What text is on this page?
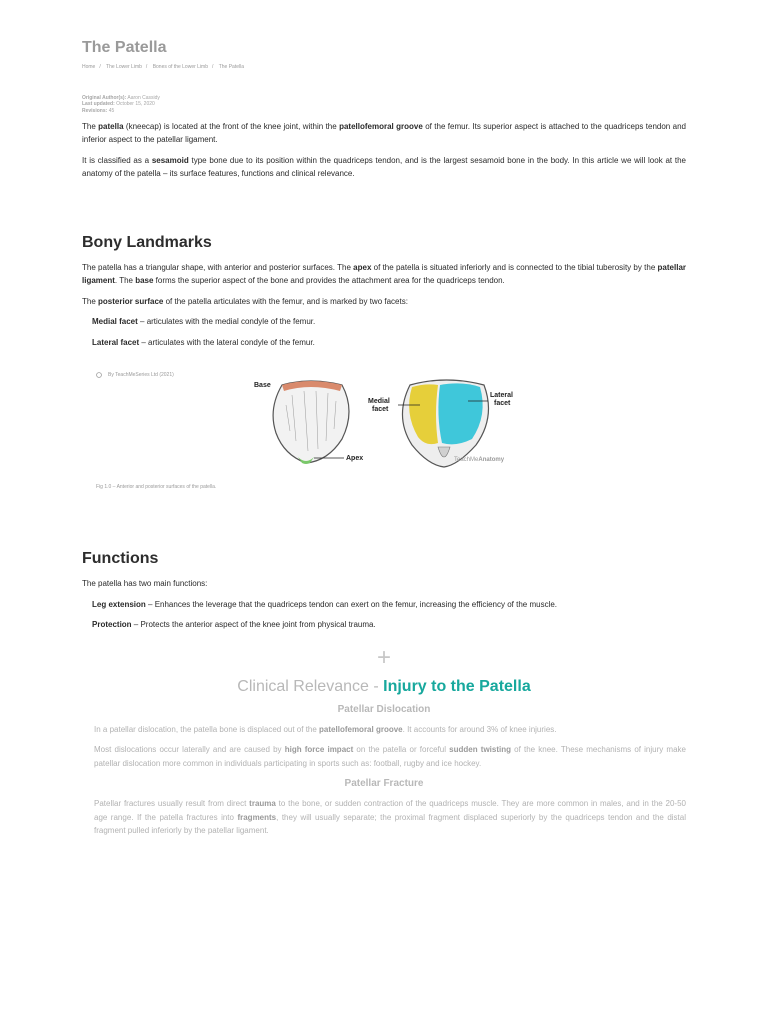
The Patella
Home / The Lower Limb / Bones of the Lower Limb / The Patella
Original Author(s): Aaron Cassidy
Last updated: October 15, 2020
Revisions: 45

The patella (kneecap) is located at the front of the knee joint, within the patellofemoral groove of the femur. Its superior aspect is attached to the quadriceps tendon and inferior aspect to the patellar ligament.

It is classified as a sesamoid type bone due to its position within the quadriceps tendon, and is the largest sesamoid bone in the body. In this article we will look at the anatomy of the patella – its surface features, functions and clinical relevance.

Bony Landmarks

The patella has a triangular shape, with anterior and posterior surfaces. The apex of the patella is situated inferiorly and is connected to the tibial tuberosity by the patellar ligament. The base forms the superior aspect of the bone and provides the attachment area for the quadriceps tendon.

The posterior surface of the patella articulates with the femur, and is marked by two facets:

Medial facet – articulates with the medial condyle of the femur.
Lateral facet – articulates with the lateral condyle of the femur.
By TeachMeSeries Ltd (2021)
Base
Apex
Medial
facet
Lateral
facet
TeachMeAnatomy
Fig 1.0 – Anterior and posterior surfaces of the patella.
Functions

The patella has two main functions:

Leg extension – Enhances the leverage that the quadriceps tendon can exert on the femur, increasing the efficiency of the muscle.
Protection – Protects the anterior aspect of the knee joint from physical trauma.
+
Clinical Relevance - Injury to the Patella
Patellar Dislocation

In a patellar dislocation, the patella bone is displaced out of the patellofemoral groove. It accounts for around 3% of knee injuries.

Most dislocations occur laterally and are caused by high force impact on the patella or forceful sudden twisting of the knee. These mechanisms of injury make patellar dislocation more common in individuals participating in sports such as: football, rugby and ice hockey.

Patellar Fracture

Patellar fractures usually result from direct trauma to the bone, or sudden contraction of the quadriceps muscle. They are more common in males, and in the 20-50 age range. If the patella fractures into fragments, they will usually separate; the proximal fragment displaced superiorly by the quadriceps tendon and the distal fragment pulled inferiorly by the patellar ligament.
